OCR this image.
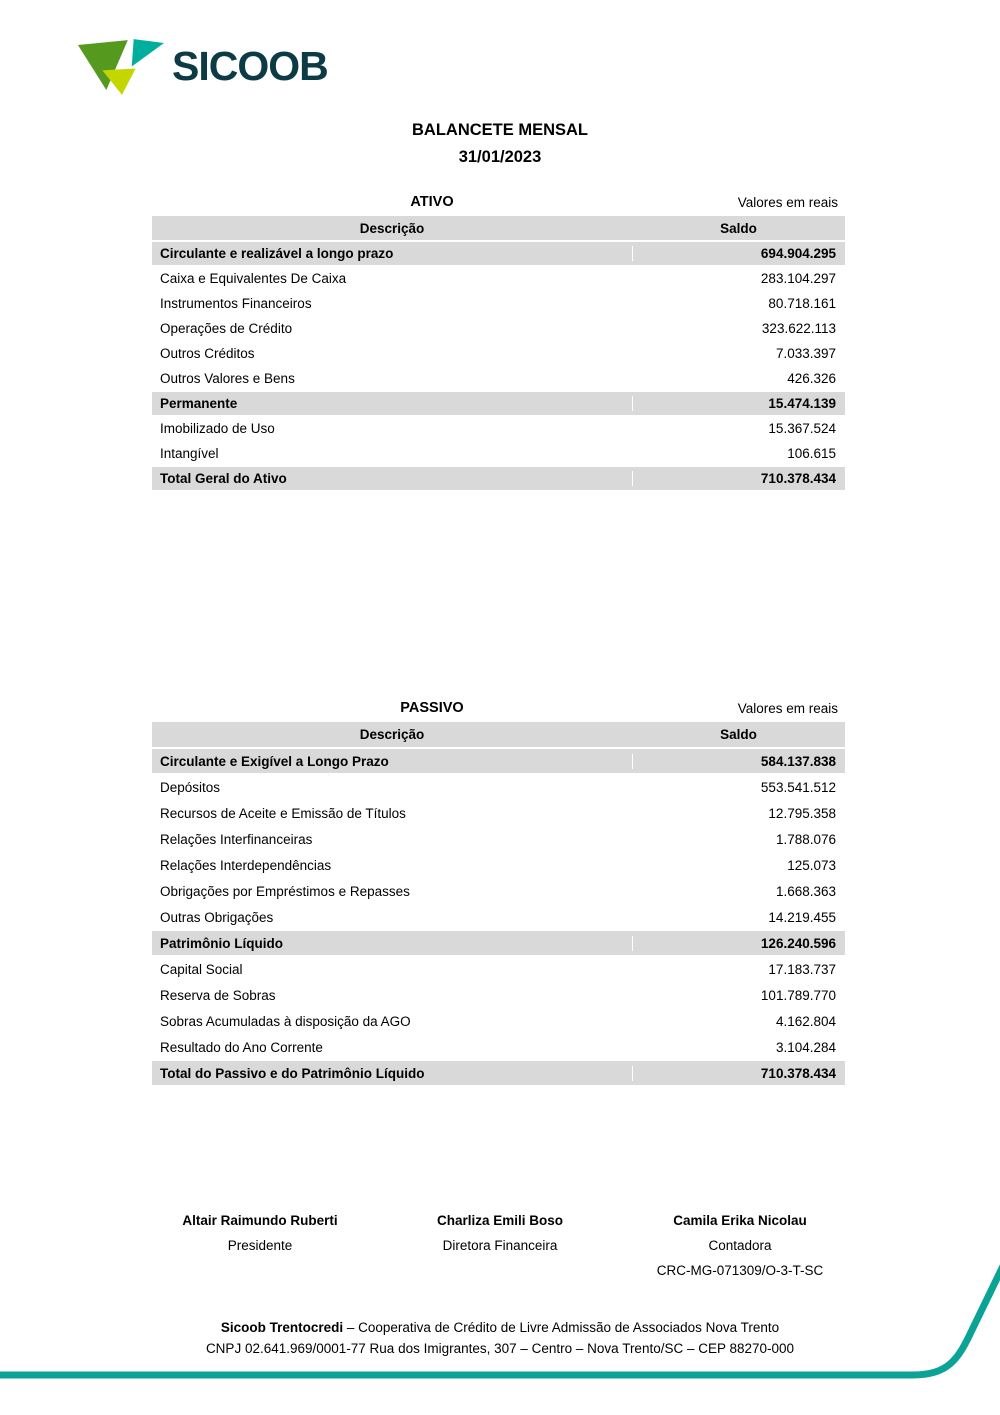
SICOOB
BALANCETE MENSAL
31/01/2023
ATIVO	Valores em reais
Descrição	Saldo
Circulante e realizável a longo prazo	694.904.295
Caixa e Equivalentes De Caixa	283.104.297
Instrumentos Financeiros	80.718.161
Operações de Crédito	323.622.113
Outros Créditos	7.033.397
Outros Valores e Bens	426.326
Permanente	15.474.139
Imobilizado de Uso	15.367.524
Intangível	106.615
Total Geral do Ativo	710.378.434
PASSIVO	Valores em reais
Descrição	Saldo
Circulante e Exigível a Longo Prazo	584.137.838
Depósitos	553.541.512
Recursos de Aceite e Emissão de Títulos	12.795.358
Relações Interfinanceiras	1.788.076
Relações Interdependências	125.073
Obrigações por Empréstimos e Repasses	1.668.363
Outras Obrigações	14.219.455
Patrimônio Líquido	126.240.596
Capital Social	17.183.737
Reserva de Sobras	101.789.770
Sobras Acumuladas à disposição da AGO	4.162.804
Resultado do Ano Corrente	3.104.284
Total do Passivo e do Patrimônio Líquido	710.378.434
Altair Raimundo Ruberti
Presidente
Charliza Emili Boso
Diretora Financeira
Camila Erika Nicolau
Contadora
CRC-MG-071309/O-3-T-SC
Sicoob Trentocredi – Cooperativa de Crédito de Livre Admissão de Associados Nova Trento
CNPJ 02.641.969/0001-77 Rua dos Imigrantes, 307 – Centro – Nova Trento/SC – CEP 88270-000
